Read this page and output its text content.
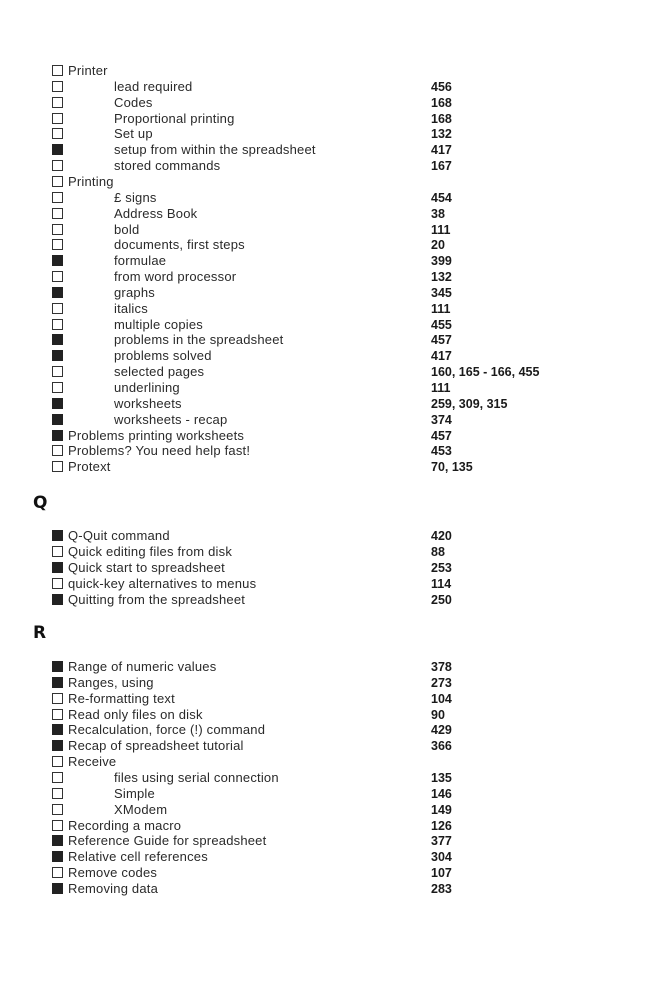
Printer
lead required	456
Codes	168
Proportional printing	168
Set up	132
setup from within the spreadsheet	417
stored commands	167
Printing
£ signs	454
Address Book	38
bold	111
documents, first steps	20
formulae	399
from word processor	132
graphs	345
italics	111
multiple copies	455
problems in the spreadsheet	457
problems solved	417
selected pages	160, 165 - 166, 455
underlining	111
worksheets	259, 309, 315
worksheets - recap	374
Problems printing worksheets	457
Problems? You need help fast!	453
Protext	70, 135
Q
Q-Quit command	420
Quick editing files from disk	88
Quick start to spreadsheet	253
quick-key alternatives to menus	114
Quitting from the spreadsheet	250
R
Range of numeric values	378
Ranges, using	273
Re-formatting text	104
Read only files on disk	90
Recalculation, force (!) command	429
Recap of spreadsheet tutorial	366
Receive
files using serial connection	135
Simple	146
XModem	149
Recording a macro	126
Reference Guide for spreadsheet	377
Relative cell references	304
Remove codes	107
Removing data	283
